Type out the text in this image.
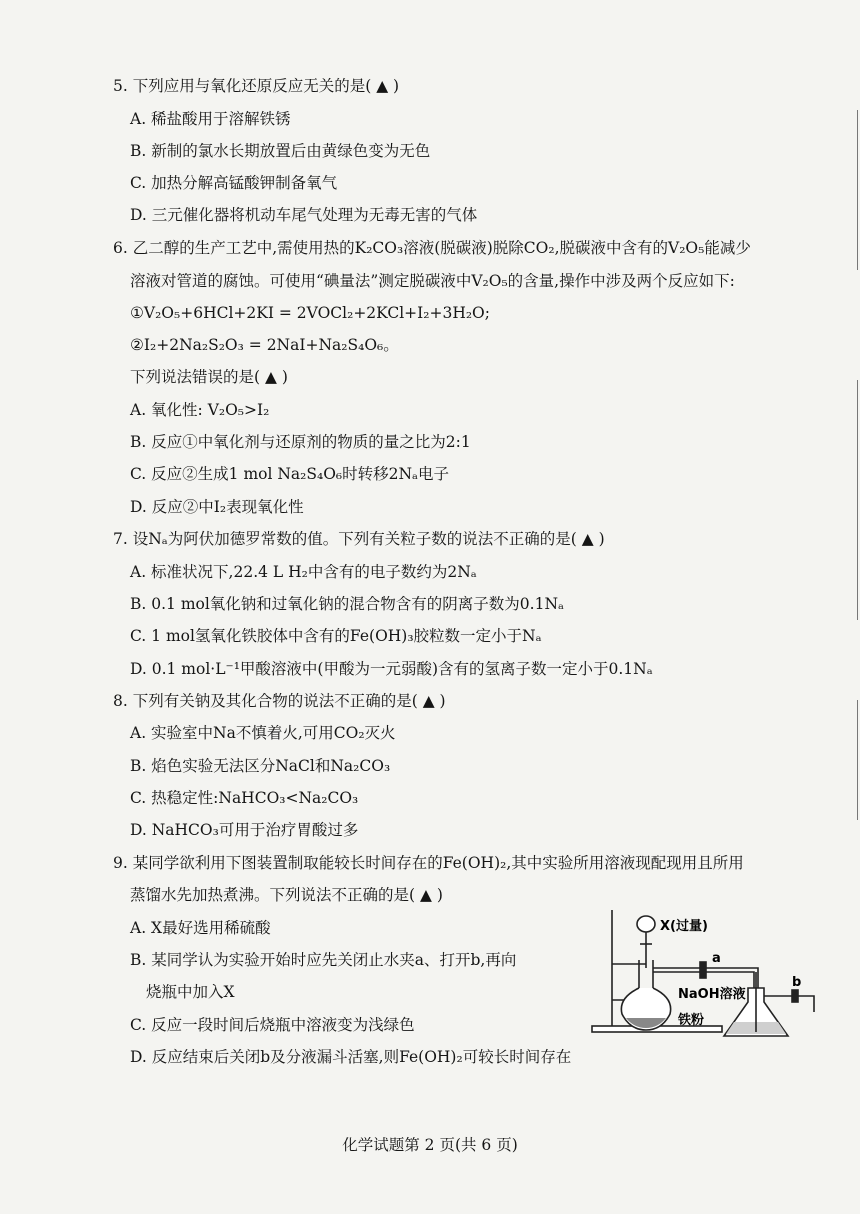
5. 下列应用与氧化还原反应无关的是( ▲ )
A. 稀盐酸用于溶解铁锈
B. 新制的氯水长期放置后由黄绿色变为无色
C. 加热分解高锰酸钾制备氧气
D. 三元催化器将机动车尾气处理为无毒无害的气体
6. 乙二醇的生产工艺中,需使用热的K₂CO₃溶液(脱碳液)脱除CO₂,脱碳液中含有的V₂O₅能减少
溶液对管道的腐蚀。可使用“碘量法”测定脱碳液中V₂O₅的含量,操作中涉及两个反应如下:
①V₂O₅+6HCl+2KI = 2VOCl₂+2KCl+I₂+3H₂O;
②I₂+2Na₂S₂O₃ = 2NaI+Na₂S₄O₆。
下列说法错误的是( ▲ )
A. 氧化性: V₂O₅>I₂
B. 反应①中氧化剂与还原剂的物质的量之比为2:1
C. 反应②生成1 mol Na₂S₄O₆时转移2Nₐ电子
D. 反应②中I₂表现氧化性
7. 设Nₐ为阿伏加德罗常数的值。下列有关粒子数的说法不正确的是( ▲ )
A. 标准状况下,22.4 L H₂中含有的电子数约为2Nₐ
B. 0.1 mol氧化钠和过氧化钠的混合物含有的阴离子数为0.1Nₐ
C. 1 mol氢氧化铁胶体中含有的Fe(OH)₃胶粒数一定小于Nₐ
D. 0.1 mol·L⁻¹甲酸溶液中(甲酸为一元弱酸)含有的氢离子数一定小于0.1Nₐ
8. 下列有关钠及其化合物的说法不正确的是( ▲ )
A. 实验室中Na不慎着火,可用CO₂灭火
B. 焰色实验无法区分NaCl和Na₂CO₃
C. 热稳定性:NaHCO₃<Na₂CO₃
D. NaHCO₃可用于治疗胃酸过多
9. 某同学欲利用下图装置制取能较长时间存在的Fe(OH)₂,其中实验所用溶液现配现用且所用
蒸馏水先加热煮沸。下列说法不正确的是( ▲ )
A. X最好选用稀硫酸
B. 某同学认为实验开始时应先关闭止水夹a、打开b,再向
烧瓶中加入X
C. 反应一段时间后烧瓶中溶液变为浅绿色
D. 反应结束后关闭b及分液漏斗活塞,则Fe(OH)₂可较长时间存在
X(过量)
a
NaOH溶液
b
铁粉
化学试题第 2 页(共 6 页)
